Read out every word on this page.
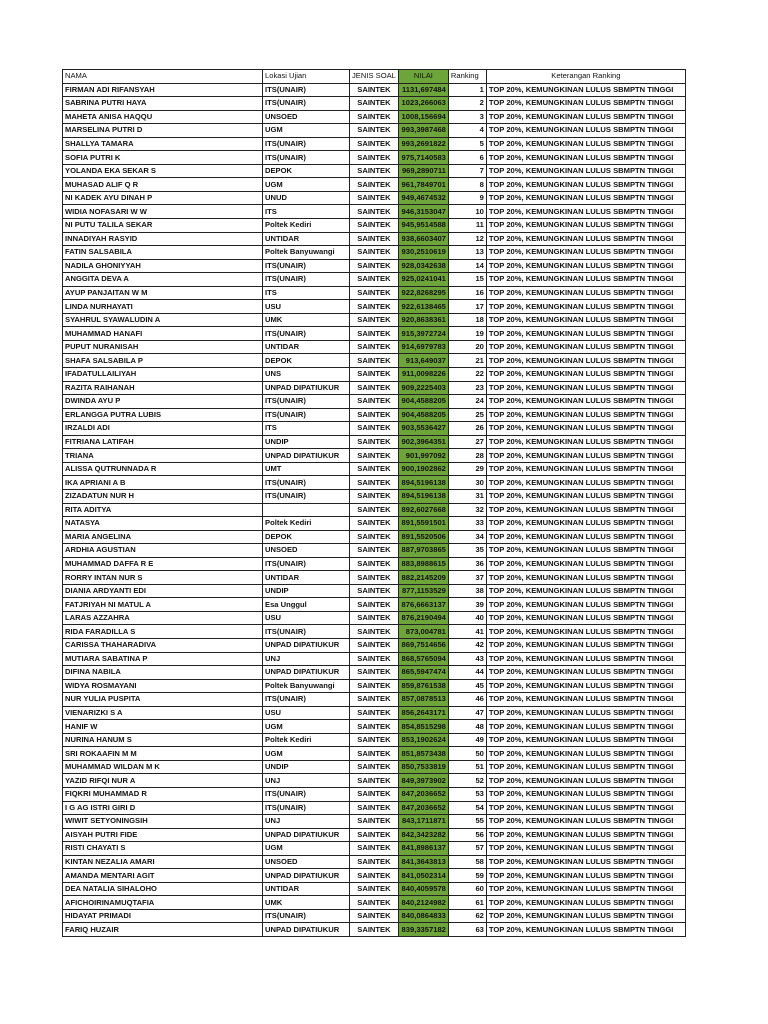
NAMA	Lokasi Ujian	JENIS SOAL	NILAI	Ranking	Keterangan Ranking
FIRMAN ADI RIFANSYAH	ITS(UNAIR)	SAINTEK	1131,697484	1	TOP 20%, KEMUNGKINAN LULUS SBMPTN TINGGI
SABRINA PUTRI HAYA	ITS(UNAIR)	SAINTEK	1023,266063	2	TOP 20%, KEMUNGKINAN LULUS SBMPTN TINGGI
MAHETA ANISA HAQQU	UNSOED	SAINTEK	1008,156694	3	TOP 20%, KEMUNGKINAN LULUS SBMPTN TINGGI
MARSELINA PUTRI D	UGM	SAINTEK	993,3987468	4	TOP 20%, KEMUNGKINAN LULUS SBMPTN TINGGI
SHALLYA TAMARA	ITS(UNAIR)	SAINTEK	993,2691822	5	TOP 20%, KEMUNGKINAN LULUS SBMPTN TINGGI
SOFIA PUTRI K	ITS(UNAIR)	SAINTEK	975,7140583	6	TOP 20%, KEMUNGKINAN LULUS SBMPTN TINGGI
YOLANDA EKA SEKAR S	DEPOK	SAINTEK	969,2890711	7	TOP 20%, KEMUNGKINAN LULUS SBMPTN TINGGI
MUHASAD ALIF Q R	UGM	SAINTEK	961,7849701	8	TOP 20%, KEMUNGKINAN LULUS SBMPTN TINGGI
NI KADEK AYU DINAH P	UNUD	SAINTEK	949,4674532	9	TOP 20%, KEMUNGKINAN LULUS SBMPTN TINGGI
WIDIA NOFASARI W W	ITS	SAINTEK	946,3153047	10	TOP 20%, KEMUNGKINAN LULUS SBMPTN TINGGI
NI PUTU TALILA SEKAR	Poltek Kediri	SAINTEK	945,9514588	11	TOP 20%, KEMUNGKINAN LULUS SBMPTN TINGGI
INNADIYAH RASYID	UNTIDAR	SAINTEK	938,6603407	12	TOP 20%, KEMUNGKINAN LULUS SBMPTN TINGGI
FATIN SALSABILA	Poltek Banyuwangi	SAINTEK	930,2510619	13	TOP 20%, KEMUNGKINAN LULUS SBMPTN TINGGI
NADILA GHONIYYAH	ITS(UNAIR)	SAINTEK	928,0342638	14	TOP 20%, KEMUNGKINAN LULUS SBMPTN TINGGI
ANGGITA DEVA A	ITS(UNAIR)	SAINTEK	925,0241041	15	TOP 20%, KEMUNGKINAN LULUS SBMPTN TINGGI
AYUP PANJAITAN W M	ITS	SAINTEK	922,8268295	16	TOP 20%, KEMUNGKINAN LULUS SBMPTN TINGGI
LINDA NURHAYATI	USU	SAINTEK	922,6138465	17	TOP 20%, KEMUNGKINAN LULUS SBMPTN TINGGI
SYAHRUL SYAWALUDIN A	UMK	SAINTEK	920,8638361	18	TOP 20%, KEMUNGKINAN LULUS SBMPTN TINGGI
MUHAMMAD HANAFI	ITS(UNAIR)	SAINTEK	915,3972724	19	TOP 20%, KEMUNGKINAN LULUS SBMPTN TINGGI
PUPUT NURANISAH	UNTIDAR	SAINTEK	914,6979783	20	TOP 20%, KEMUNGKINAN LULUS SBMPTN TINGGI
SHAFA SALSABILA P	DEPOK	SAINTEK	913,649037	21	TOP 20%, KEMUNGKINAN LULUS SBMPTN TINGGI
IFADATULLAILIYAH	UNS	SAINTEK	911,0098226	22	TOP 20%, KEMUNGKINAN LULUS SBMPTN TINGGI
RAZITA RAIHANAH	UNPAD DIPATIUKUR	SAINTEK	909,2225403	23	TOP 20%, KEMUNGKINAN LULUS SBMPTN TINGGI
DWINDA AYU P	ITS(UNAIR)	SAINTEK	904,4588205	24	TOP 20%, KEMUNGKINAN LULUS SBMPTN TINGGI
ERLANGGA PUTRA LUBIS	ITS(UNAIR)	SAINTEK	904,4588205	25	TOP 20%, KEMUNGKINAN LULUS SBMPTN TINGGI
IRZALDI ADI	ITS	SAINTEK	903,5536427	26	TOP 20%, KEMUNGKINAN LULUS SBMPTN TINGGI
FITRIANA LATIFAH	UNDIP	SAINTEK	902,3964351	27	TOP 20%, KEMUNGKINAN LULUS SBMPTN TINGGI
TRIANA	UNPAD DIPATIUKUR	SAINTEK	901,997092	28	TOP 20%, KEMUNGKINAN LULUS SBMPTN TINGGI
ALISSA QUTRUNNADA R	UMT	SAINTEK	900,1902862	29	TOP 20%, KEMUNGKINAN LULUS SBMPTN TINGGI
IKA APRIANI A B	ITS(UNAIR)	SAINTEK	894,5196138	30	TOP 20%, KEMUNGKINAN LULUS SBMPTN TINGGI
ZIZADATUN NUR H	ITS(UNAIR)	SAINTEK	894,5196138	31	TOP 20%, KEMUNGKINAN LULUS SBMPTN TINGGI
RITA ADITYA		SAINTEK	892,6027668	32	TOP 20%, KEMUNGKINAN LULUS SBMPTN TINGGI
NATASYA	Poltek Kediri	SAINTEK	891,5591501	33	TOP 20%, KEMUNGKINAN LULUS SBMPTN TINGGI
MARIA ANGELINA	DEPOK	SAINTEK	891,5520506	34	TOP 20%, KEMUNGKINAN LULUS SBMPTN TINGGI
ARDHIA AGUSTIAN	UNSOED	SAINTEK	887,9703865	35	TOP 20%, KEMUNGKINAN LULUS SBMPTN TINGGI
MUHAMMAD DAFFA R E	ITS(UNAIR)	SAINTEK	883,8988615	36	TOP 20%, KEMUNGKINAN LULUS SBMPTN TINGGI
RORRY INTAN NUR S	UNTIDAR	SAINTEK	882,2145209	37	TOP 20%, KEMUNGKINAN LULUS SBMPTN TINGGI
DIANIA ARDYANTI EDI	UNDIP	SAINTEK	877,1153529	38	TOP 20%, KEMUNGKINAN LULUS SBMPTN TINGGI
FATJRIYAH NI MATUL A	Esa Unggul	SAINTEK	876,6663137	39	TOP 20%, KEMUNGKINAN LULUS SBMPTN TINGGI
LARAS AZZAHRA	USU	SAINTEK	876,2190494	40	TOP 20%, KEMUNGKINAN LULUS SBMPTN TINGGI
RIDA FARADILLA S	ITS(UNAIR)	SAINTEK	873,004781	41	TOP 20%, KEMUNGKINAN LULUS SBMPTN TINGGI
CARISSA THAHARADIVA	UNPAD DIPATIUKUR	SAINTEK	869,7514656	42	TOP 20%, KEMUNGKINAN LULUS SBMPTN TINGGI
MUTIARA SABATINA P	UNJ	SAINTEK	868,5765094	43	TOP 20%, KEMUNGKINAN LULUS SBMPTN TINGGI
DIFINA NABILA	UNPAD DIPATIUKUR	SAINTEK	865,5947474	44	TOP 20%, KEMUNGKINAN LULUS SBMPTN TINGGI
WIDYA ROSMAYANI	Poltek Banyuwangi	SAINTEK	859,8761538	45	TOP 20%, KEMUNGKINAN LULUS SBMPTN TINGGI
NUR YULIA PUSPITA	ITS(UNAIR)	SAINTEK	857,0878513	46	TOP 20%, KEMUNGKINAN LULUS SBMPTN TINGGI
VIENARIZKI S A	USU	SAINTEK	856,2643171	47	TOP 20%, KEMUNGKINAN LULUS SBMPTN TINGGI
HANIF W	UGM	SAINTEK	854,8515298	48	TOP 20%, KEMUNGKINAN LULUS SBMPTN TINGGI
NURINA HANUM S	Poltek Kediri	SAINTEK	853,1902624	49	TOP 20%, KEMUNGKINAN LULUS SBMPTN TINGGI
SRI ROKAAFIN M M	UGM	SAINTEK	851,8573438	50	TOP 20%, KEMUNGKINAN LULUS SBMPTN TINGGI
MUHAMMAD WILDAN M K	UNDIP	SAINTEK	850,7533819	51	TOP 20%, KEMUNGKINAN LULUS SBMPTN TINGGI
YAZID RIFQI NUR A	UNJ	SAINTEK	849,3973902	52	TOP 20%, KEMUNGKINAN LULUS SBMPTN TINGGI
FIQKRI MUHAMMAD R	ITS(UNAIR)	SAINTEK	847,2036652	53	TOP 20%, KEMUNGKINAN LULUS SBMPTN TINGGI
I G AG ISTRI GIRI D	ITS(UNAIR)	SAINTEK	847,2036652	54	TOP 20%, KEMUNGKINAN LULUS SBMPTN TINGGI
WIWIT SETYONINGSIH	UNJ	SAINTEK	843,1711871	55	TOP 20%, KEMUNGKINAN LULUS SBMPTN TINGGI
AISYAH PUTRI FIDE	UNPAD DIPATIUKUR	SAINTEK	842,3423282	56	TOP 20%, KEMUNGKINAN LULUS SBMPTN TINGGI
RISTI CHAYATI S	UGM	SAINTEK	841,8986137	57	TOP 20%, KEMUNGKINAN LULUS SBMPTN TINGGI
KINTAN NEZALIA AMARI	UNSOED	SAINTEK	841,3643813	58	TOP 20%, KEMUNGKINAN LULUS SBMPTN TINGGI
AMANDA MENTARI AGIT	UNPAD DIPATIUKUR	SAINTEK	841,0502314	59	TOP 20%, KEMUNGKINAN LULUS SBMPTN TINGGI
DEA NATALIA SIHALOHO	UNTIDAR	SAINTEK	840,4059578	60	TOP 20%, KEMUNGKINAN LULUS SBMPTN TINGGI
AFICHOIRINAMUQTAFIA	UMK	SAINTEK	840,2124982	61	TOP 20%, KEMUNGKINAN LULUS SBMPTN TINGGI
HIDAYAT PRIMADI	ITS(UNAIR)	SAINTEK	840,0864833	62	TOP 20%, KEMUNGKINAN LULUS SBMPTN TINGGI
FARIQ HUZAIR	UNPAD DIPATIUKUR	SAINTEK	839,3357182	63	TOP 20%, KEMUNGKINAN LULUS SBMPTN TINGGI
